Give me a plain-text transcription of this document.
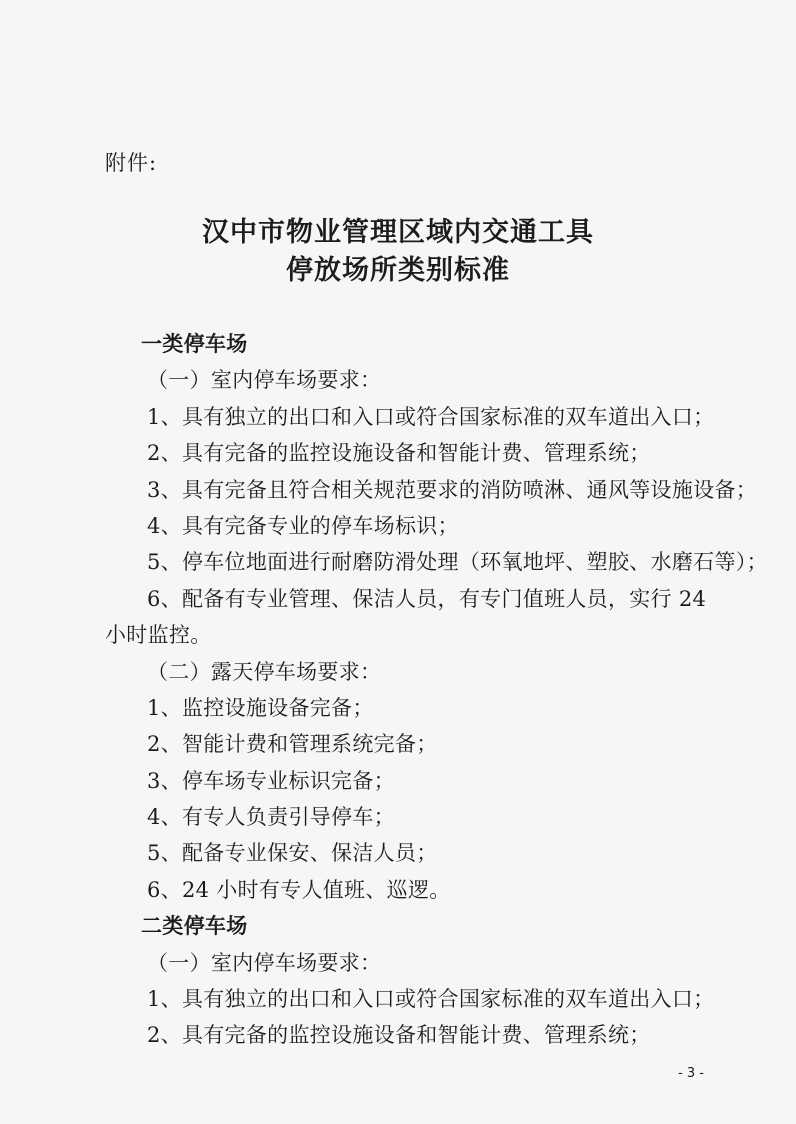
附件:
汉中市物业管理区域内交通工具
停放场所类别标准
一类停车场
（一）室内停车场要求：
1、具有独立的出口和入口或符合国家标准的双车道出入口；
2、具有完备的监控设施设备和智能计费、管理系统；
3、具有完备且符合相关规范要求的消防喷淋、通风等设施设备；
4、具有完备专业的停车场标识；
5、停车位地面进行耐磨防滑处理（环氧地坪、塑胶、水磨石等）；
6、配备有专业管理、保洁人员，有专门值班人员，实行 24
小时监控。
（二）露天停车场要求：
1、监控设施设备完备；
2、智能计费和管理系统完备；
3、停车场专业标识完备；
4、有专人负责引导停车；
5、配备专业保安、保洁人员；
6、24 小时有专人值班、巡逻。
二类停车场
（一）室内停车场要求：
1、具有独立的出口和入口或符合国家标准的双车道出入口；
2、具有完备的监控设施设备和智能计费、管理系统；
- 3 -
